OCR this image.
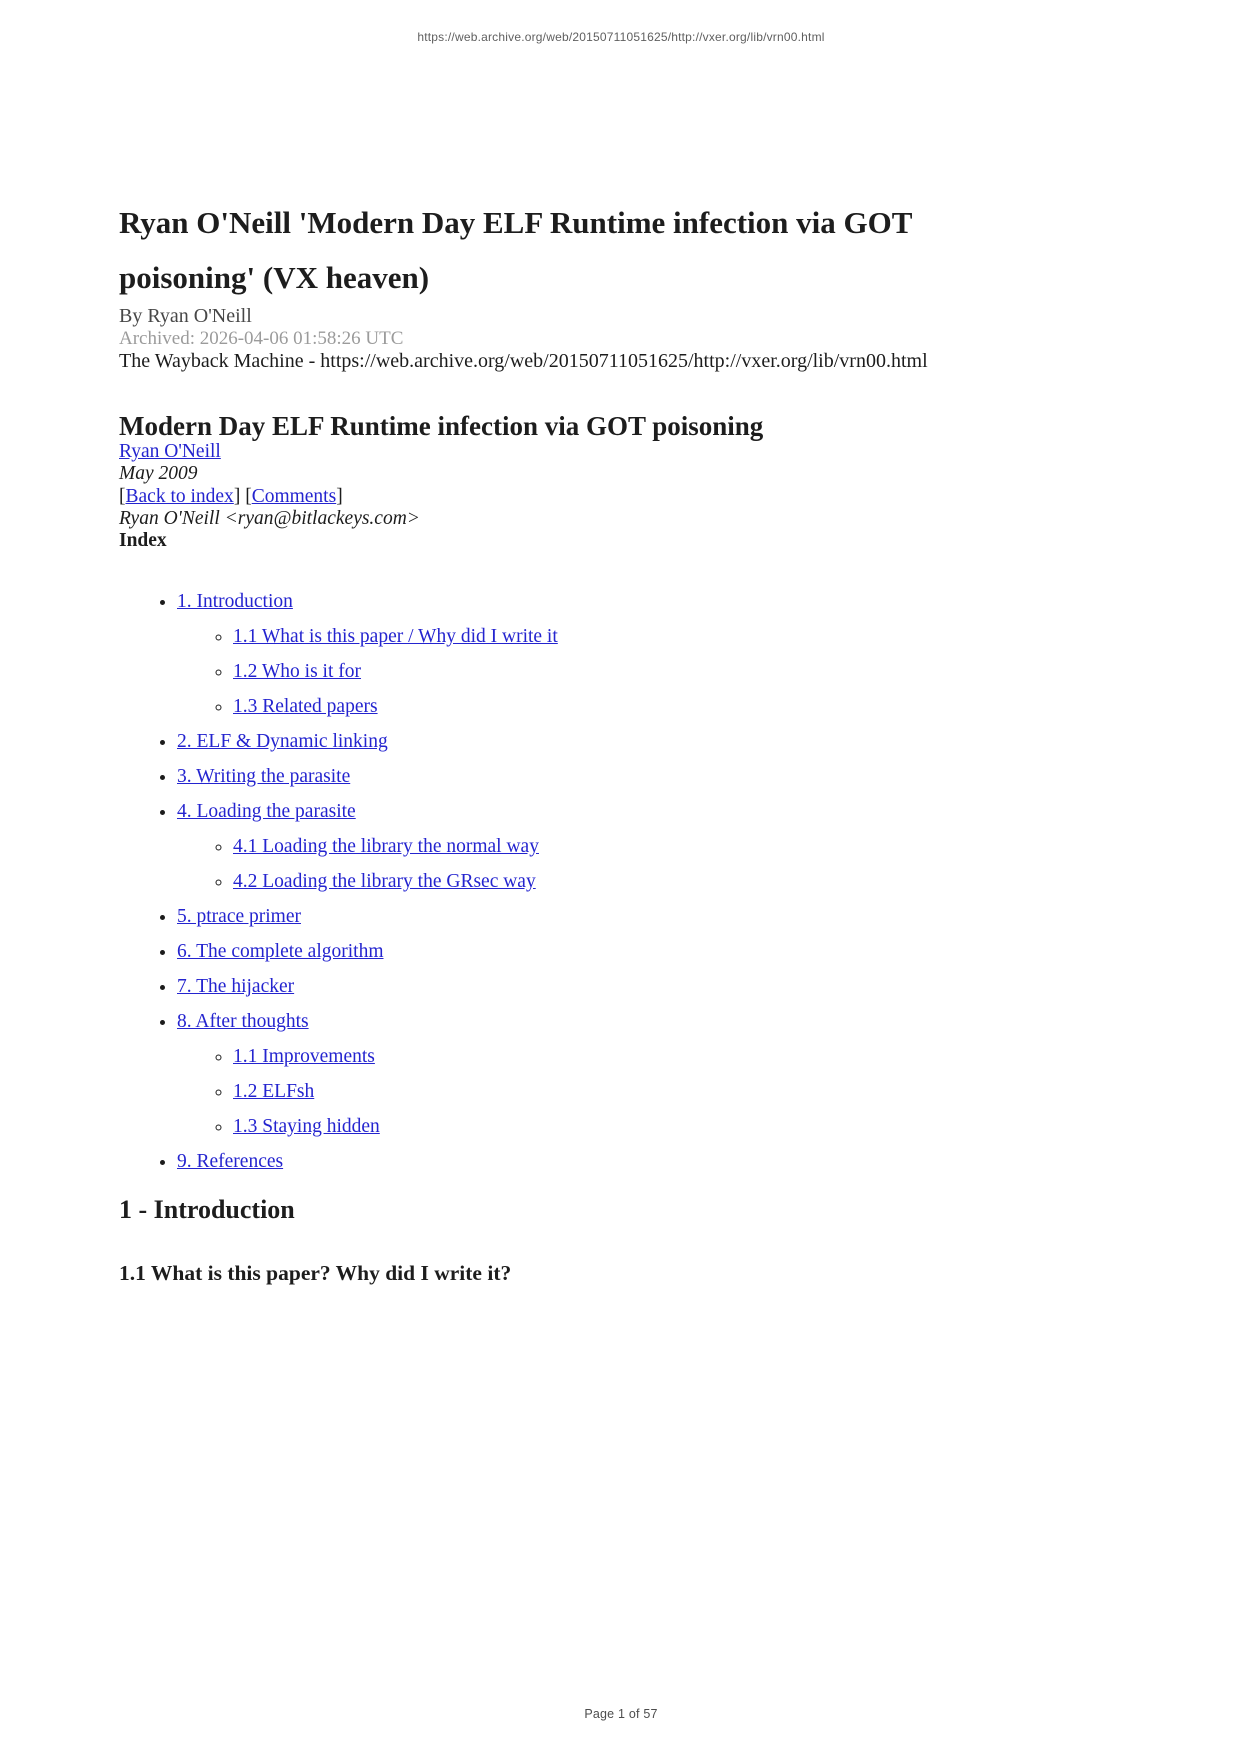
https://web.archive.org/web/20150711051625/http://vxer.org/lib/vrn00.html
Ryan O'Neill 'Modern Day ELF Runtime infection via GOT
poisoning' (VX heaven)

By Ryan O'Neill

Archived: 2026-04-06 01:58:26 UTC

The Wayback Machine - https://web.archive.org/web/20150711051625/http://vxer.org/lib/vrn00.html

Modern Day ELF Runtime infection via GOT poisoning

Ryan O'Neill

May 2009

[Back to index] [Comments]

Ryan O'Neill <ryan@bitlackeys.com>

Index

• 1. Introduction
◦ 1.1 What is this paper / Why did I write it
◦ 1.2 Who is it for
◦ 1.3 Related papers
• 2. ELF & Dynamic linking
• 3. Writing the parasite
• 4. Loading the parasite
◦ 4.1 Loading the library the normal way
◦ 4.2 Loading the library the GRsec way
• 5. ptrace primer
• 6. The complete algorithm
• 7. The hijacker
• 8. After thoughts
◦ 1.1 Improvements
◦ 1.2 ELFsh
◦ 1.3 Staying hidden
• 9. References
1 - Introduction
1.1 What is this paper? Why did I write it?
Page 1 of 57
